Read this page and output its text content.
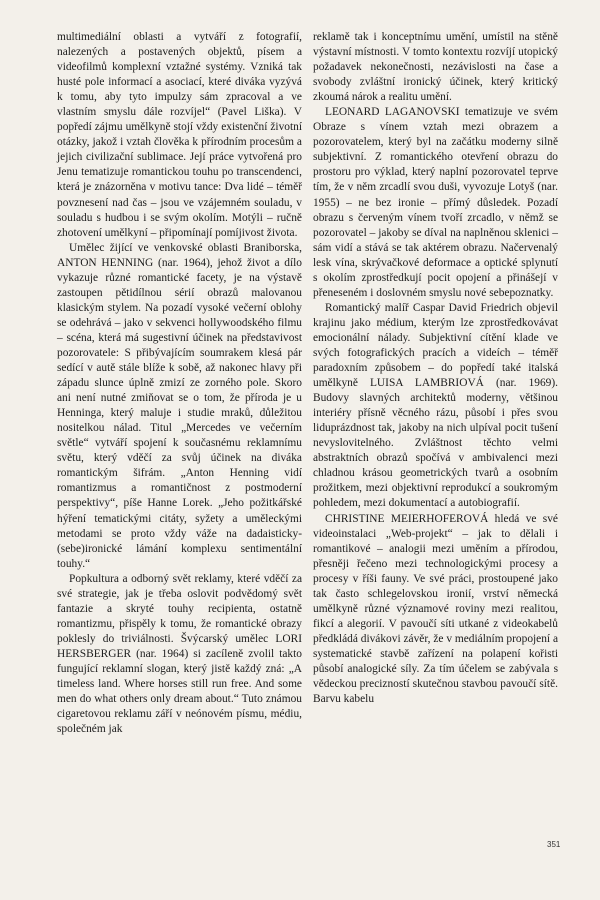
multimediální oblasti a vytváří z fotografií, nalezených a postavených objektů, písem a videofilmů komplexní vztažné systémy. Vzniká tak husté pole informací a asociací, které diváka vyzývá k tomu, aby tyto impulzy sám zpracoval a ve vlastním smyslu dále rozvíjel“ (Pavel Liška). V popředí zájmu umělkyně stojí vždy existenční životní otázky, jakož i vztah člověka k přírodním procesům a jejich civilizační sublimace. Její práce vytvořená pro Jenu tematizuje romantickou touhu po transcendenci, která je znázorněna v motivu tance: Dva lidé – téměř povznesení nad čas – jsou ve vzájemném souladu, v souladu s hudbou i se svým okolím. Motýli – ručně zhotovení umělkyní – připomínají pomíjivost života.

Umělec žijící ve venkovské oblasti Braniborska, ANTON HENNING (nar. 1964), jehož život a dílo vykazuje různé romantické facety, je na výstavě zastoupen pětidílnou sérií obrazů malovanou klasickým stylem. Na pozadí vysoké večerní oblohy se odehrává – jako v sekvenci hollywoodského filmu – scéna, která má sugestivní účinek na představivost pozorovatele: S přibývajícím soumrakem klesá pár sedící v autě stále blíže k sobě, až nakonec hlavy při západu slunce úplně zmizí ze zorného pole. Skoro ani není nutné zmiňovat se o tom, že příroda je u Henninga, který maluje i studie mraků, důležitou nositelkou nálad. Titul „Mercedes ve večerním světle“ vytváří spojení k současnému reklamnímu světu, který vděčí za svůj účinek na diváka romantickým šifrám. „Anton Henning vidí romantizmus a romantičnost z postmoderní perspektivy“, píše Hanne Lorek. „Jeho požitkářské hýření tematickými citáty, syžety a uměleckými metodami se proto vždy váže na dadaisticky-(sebe)ironické lámání komplexu sentimentální touhy.“

Popkultura a odborný svět reklamy, které vděčí za své strategie, jak je třeba oslovit podvědomý svět fantazie a skryté touhy recipienta, ostatně romantizmu, přispěly k tomu, že romantické obrazy poklesly do triviálnosti. Švýcarský umělec LORI HERSBERGER (nar. 1964) si zacíleně zvolil takto fungující reklamní slogan, který jistě každý zná: „A timeless land. Where horses still run free. And some men do what others only dream about.“ Tuto známou cigaretovou reklamu září v neónovém písmu, médiu, společném jak

reklamě tak i konceptnímu umění, umístil na stěně výstavní místnosti. V tomto kontextu rozvíjí utopický požadavek nekonečnosti, nezávislosti na čase a svobody zvláštní ironický účinek, který kritický zkoumá nárok a realitu umění.

LEONARD LAGANOVSKI tematizuje ve svém Obraze s vínem vztah mezi obrazem a pozorovatelem, který byl na začátku moderny silně subjektivní. Z romantického otevření obrazu do prostoru pro výklad, který naplní pozorovatel teprve tím, že v něm zrcadlí svou duši, vyvozuje Lotyš (nar. 1955) – ne bez ironie – přímý důsledek. Pozadí obrazu s červeným vínem tvoří zrcadlo, v němž se pozorovatel – jakoby se díval na naplněnou sklenici – sám vidí a stává se tak aktérem obrazu. Načervenalý lesk vína, skrývačkové deformace a optické splynutí s okolím zprostředkují pocit opojení a přinášejí v přeneseném i doslovném smyslu nové sebepoznatky.

Romantický malíř Caspar David Friedrich objevil krajinu jako médium, kterým lze zprostředkovávat emocionální nálady. Subjektivní cítění klade ve svých fotografických pracích a videích – téměř paradoxním způsobem – do popředí také italská umělkyně LUISA LAMBRIOVÁ (nar. 1969). Budovy slavných architektů moderny, většinou interiéry přísně věcného rázu, působí i přes svou liduprázdnost tak, jakoby na nich ulpíval pocit tušení nevyslovitelného. Zvláštnost těchto velmi abstraktních obrazů spočívá v ambivalenci mezi chladnou krásou geometrických tvarů a osobním prožitkem, mezi objektivní reprodukcí a soukromým pohledem, mezi dokumentací a autobiografií.

CHRISTINE MEIERHOFEROVÁ hledá ve své videoinstalaci „Web-projekt“ – jak to dělali i romantikové – analogii mezi uměním a přírodou, přesněji řečeno mezi technologickými procesy a procesy v říši fauny. Ve své práci, prostoupené jako tak často schlegelovskou ironií, vrství německá umělkyně různé významové roviny mezi realitou, fikcí a alegorií. V pavoučí síti utkané z videokabelů předkládá divákovi závěr, že v mediálním propojení a systematické stavbě zařízení na polapení kořisti působí analogické síly. Za tím účelem se zabývala s vědeckou precizností skutečnou stavbou pavoučí sítě. Barvu kabelu

351
